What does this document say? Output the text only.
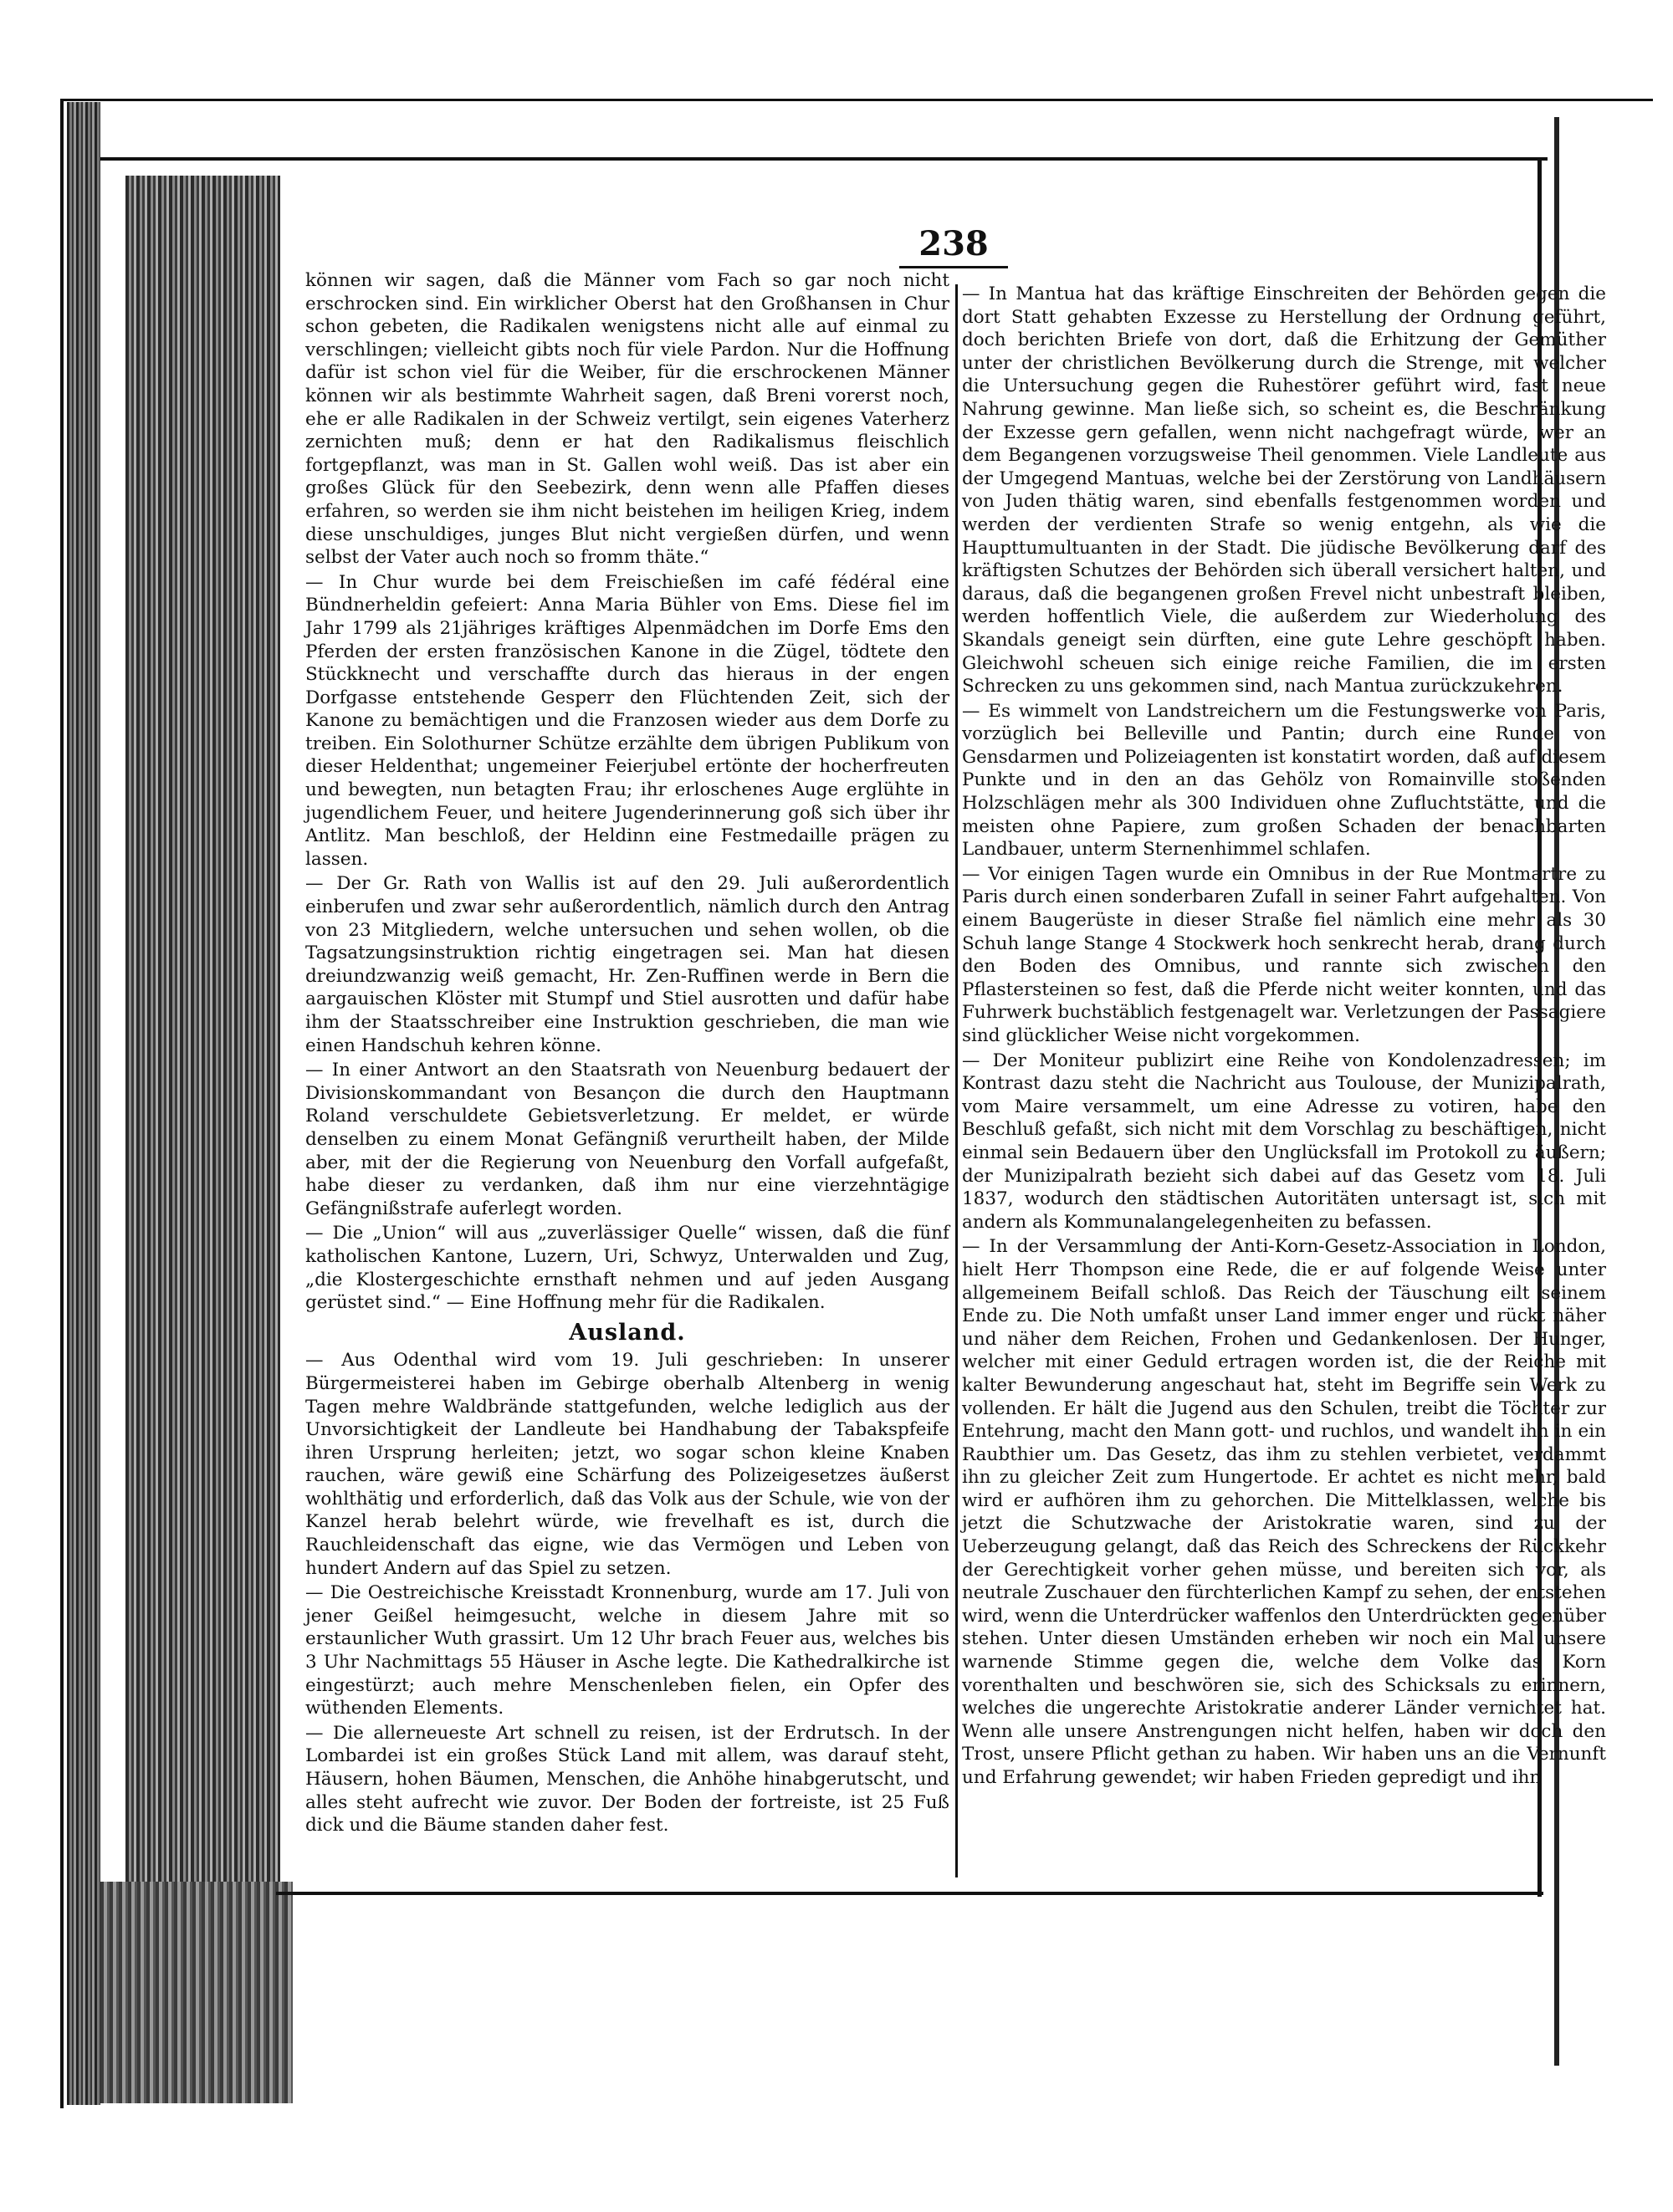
238

können wir sagen, daß die Männer vom Fach so gar noch nicht erschrocken sind. Ein wirklicher Oberst hat den Großhansen in Chur schon gebeten, die Radikalen wenigstens nicht alle auf einmal zu verschlingen; vielleicht gibts noch für viele Pardon. Nur die Hoffnung dafür ist schon viel für die Weiber, für die erschrockenen Männer können wir als bestimmte Wahrheit sagen, daß Breni vorerst noch, ehe er alle Radikalen in der Schweiz vertilgt, sein eigenes Vaterherz zernichten muß; denn er hat den Radikalismus fleischlich fortgepflanzt, was man in St. Gallen wohl weiß. Das ist aber ein großes Glück für den Seebezirk, denn wenn alle Pfaffen dieses erfahren, so werden sie ihm nicht beistehen im heiligen Krieg, indem diese unschuldiges, junges Blut nicht vergießen dürfen, und wenn selbst der Vater auch noch so fromm thäte.“

— In Chur wurde bei dem Freischießen im café fédéral eine Bündnerheldin gefeiert: Anna Maria Bühler von Ems. Diese fiel im Jahr 1799 als 21jähriges kräftiges Alpenmädchen im Dorfe Ems den Pferden der ersten französischen Kanone in die Zügel, tödtete den Stückknecht und verschaffte durch das hieraus in der engen Dorfgasse entstehende Gesperr den Flüchtenden Zeit, sich der Kanone zu bemächtigen und die Franzosen wieder aus dem Dorfe zu treiben. Ein Solothurner Schütze erzählte dem übrigen Publikum von dieser Heldenthat; ungemeiner Feierjubel ertönte der hocherfreuten und bewegten, nun betagten Frau; ihr erloschenes Auge erglühte in jugendlichem Feuer, und heitere Jugenderinnerung goß sich über ihr Antlitz. Man beschloß, der Heldinn eine Festmedaille prägen zu lassen.

— Der Gr. Rath von Wallis ist auf den 29. Juli außerordentlich einberufen und zwar sehr außerordentlich, nämlich durch den Antrag von 23 Mitgliedern, welche untersuchen und sehen wollen, ob die Tagsatzungsinstruktion richtig eingetragen sei. Man hat diesen dreiundzwanzig weiß gemacht, Hr. Zen-Ruffinen werde in Bern die aargauischen Klöster mit Stumpf und Stiel ausrotten und dafür habe ihm der Staatsschreiber eine Instruktion geschrieben, die man wie einen Handschuh kehren könne.

— In einer Antwort an den Staatsrath von Neuenburg bedauert der Divisionskommandant von Besançon die durch den Hauptmann Roland verschuldete Gebietsverletzung. Er meldet, er würde denselben zu einem Monat Gefängniß verurtheilt haben, der Milde aber, mit der die Regierung von Neuenburg den Vorfall aufgefaßt, habe dieser zu verdanken, daß ihm nur eine vierzehntägige Gefängnißstrafe auferlegt worden.

— Die „Union“ will aus „zuverlässiger Quelle“ wissen, daß die fünf katholischen Kantone, Luzern, Uri, Schwyz, Unterwalden und Zug, „die Klostergeschichte ernsthaft nehmen und auf jeden Ausgang gerüstet sind.“ — Eine Hoffnung mehr für die Radikalen.

Ausland.

— Aus Odenthal wird vom 19. Juli geschrieben: In unserer Bürgermeisterei haben im Gebirge oberhalb Altenberg in wenig Tagen mehre Waldbrände stattgefunden, welche lediglich aus der Unvorsichtigkeit der Landleute bei Handhabung der Tabakspfeife ihren Ursprung herleiten; jetzt, wo sogar schon kleine Knaben rauchen, wäre gewiß eine Schärfung des Polizeigesetzes äußerst wohlthätig und erforderlich, daß das Volk aus der Schule, wie von der Kanzel herab belehrt würde, wie frevelhaft es ist, durch die Rauchleidenschaft das eigne, wie das Vermögen und Leben von hundert Andern auf das Spiel zu setzen.

— Die Oestreichische Kreisstadt Kronnenburg, wurde am 17. Juli von jener Geißel heimgesucht, welche in diesem Jahre mit so erstaunlicher Wuth grassirt. Um 12 Uhr brach Feuer aus, welches bis 3 Uhr Nachmittags 55 Häuser in Asche legte. Die Kathedralkirche ist eingestürzt; auch mehre Menschenleben fielen, ein Opfer des wüthenden Elements.

— Die allerneueste Art schnell zu reisen, ist der Erdrutsch. In der Lombardei ist ein großes Stück Land mit allem, was darauf steht, Häusern, hohen Bäumen, Menschen, die Anhöhe hinabgerutscht, und alles steht aufrecht wie zuvor. Der Boden der fortreiste, ist 25 Fuß dick und die Bäume standen daher fest.

— In Mantua hat das kräftige Einschreiten der Behörden gegen die dort Statt gehabten Exzesse zu Herstellung der Ordnung geführt, doch berichten Briefe von dort, daß die Erhitzung der Gemüther unter der christlichen Bevölkerung durch die Strenge, mit welcher die Untersuchung gegen die Ruhestörer geführt wird, fast neue Nahrung gewinne. Man ließe sich, so scheint es, die Beschränkung der Exzesse gern gefallen, wenn nicht nachgefragt würde, wer an dem Begangenen vorzugsweise Theil genommen. Viele Landleute aus der Umgegend Mantuas, welche bei der Zerstörung von Landhäusern von Juden thätig waren, sind ebenfalls festgenommen worden und werden der verdienten Strafe so wenig entgehn, als wie die Haupttumultuanten in der Stadt. Die jüdische Bevölkerung darf des kräftigsten Schutzes der Behörden sich überall versichert halten, und daraus, daß die begangenen großen Frevel nicht unbestraft bleiben, werden hoffentlich Viele, die außerdem zur Wiederholung des Skandals geneigt sein dürften, eine gute Lehre geschöpft haben. Gleichwohl scheuen sich einige reiche Familien, die im ersten Schrecken zu uns gekommen sind, nach Mantua zurückzukehren.

— Es wimmelt von Landstreichern um die Festungswerke von Paris, vorzüglich bei Belleville und Pantin; durch eine Runde von Gensdarmen und Polizeiagenten ist konstatirt worden, daß auf diesem Punkte und in den an das Gehölz von Romainville stoßenden Holzschlägen mehr als 300 Individuen ohne Zufluchtstätte, und die meisten ohne Papiere, zum großen Schaden der benachbarten Landbauer, unterm Sternenhimmel schlafen.

— Vor einigen Tagen wurde ein Omnibus in der Rue Montmartre zu Paris durch einen sonderbaren Zufall in seiner Fahrt aufgehalten. Von einem Baugerüste in dieser Straße fiel nämlich eine mehr als 30 Schuh lange Stange 4 Stockwerk hoch senkrecht herab, drang durch den Boden des Omnibus, und rannte sich zwischen den Pflastersteinen so fest, daß die Pferde nicht weiter konnten, und das Fuhrwerk buchstäblich festgenagelt war. Verletzungen der Passagiere sind glücklicher Weise nicht vorgekommen.

— Der Moniteur publizirt eine Reihe von Kondolenzadressen; im Kontrast dazu steht die Nachricht aus Toulouse, der Munizipalrath, vom Maire versammelt, um eine Adresse zu votiren, habe den Beschluß gefaßt, sich nicht mit dem Vorschlag zu beschäftigen, nicht einmal sein Bedauern über den Unglücksfall im Protokoll zu äußern; der Munizipalrath bezieht sich dabei auf das Gesetz vom 18. Juli 1837, wodurch den städtischen Autoritäten untersagt ist, sich mit andern als Kommunalangelegenheiten zu befassen.

— In der Versammlung der Anti-Korn-Gesetz-Association in London, hielt Herr Thompson eine Rede, die er auf folgende Weise unter allgemeinem Beifall schloß. Das Reich der Täuschung eilt seinem Ende zu. Die Noth umfaßt unser Land immer enger und rückt näher und näher dem Reichen, Frohen und Gedankenlosen. Der Hunger, welcher mit einer Geduld ertragen worden ist, die der Reiche mit kalter Bewunderung angeschaut hat, steht im Begriffe sein Werk zu vollenden. Er hält die Jugend aus den Schulen, treibt die Töchter zur Entehrung, macht den Mann gott- und ruchlos, und wandelt ihn in ein Raubthier um. Das Gesetz, das ihm zu stehlen verbietet, verdammt ihn zu gleicher Zeit zum Hungertode. Er achtet es nicht mehr, bald wird er aufhören ihm zu gehorchen. Die Mittelklassen, welche bis jetzt die Schutzwache der Aristokratie waren, sind zu der Ueberzeugung gelangt, daß das Reich des Schreckens der Rückkehr der Gerechtigkeit vorher gehen müsse, und bereiten sich vor, als neutrale Zuschauer den fürchterlichen Kampf zu sehen, der entstehen wird, wenn die Unterdrücker waffenlos den Unterdrückten gegenüber stehen. Unter diesen Umständen erheben wir noch ein Mal unsere warnende Stimme gegen die, welche dem Volke das Korn vorenthalten und beschwören sie, sich des Schicksals zu erinnern, welches die ungerechte Aristokratie anderer Länder vernichtet hat. Wenn alle unsere Anstrengungen nicht helfen, haben wir doch den Trost, unsere Pflicht gethan zu haben. Wir haben uns an die Vernunft und Erfahrung gewendet; wir haben Frieden gepredigt und ihn
